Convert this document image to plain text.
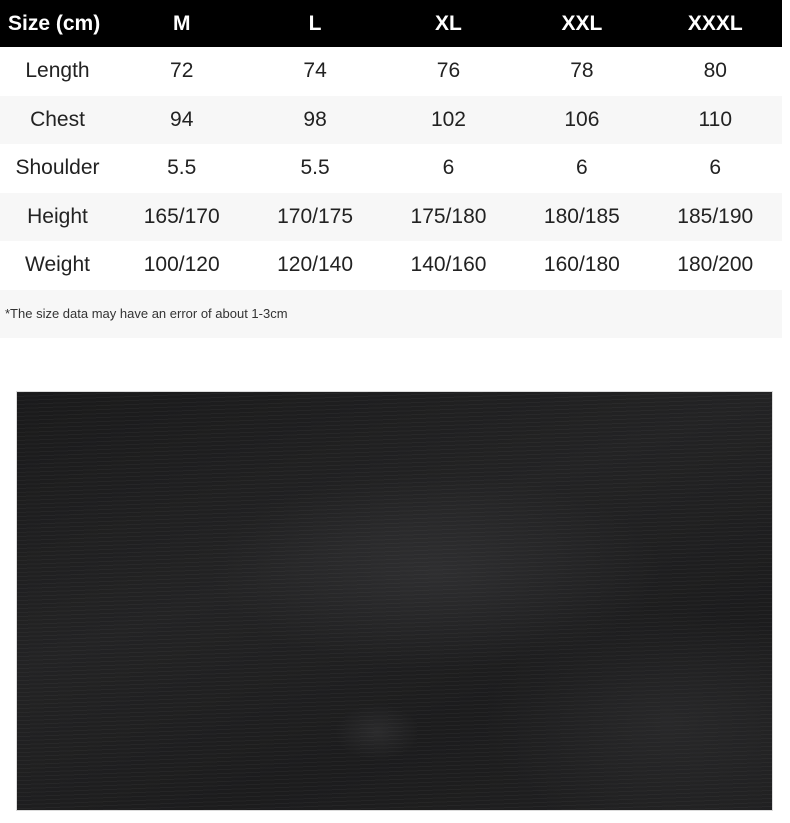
Size (cm)	M	L	XL	XXL	XXXL
Length	72	74	76	78	80
Chest	94	98	102	106	110
Shoulder	5.5	5.5	6	6	6
Height	165/170	170/175	175/180	180/185	185/190
Weight	100/120	120/140	140/160	160/180	180/200
*The size data may have an error of about 1-3cm
